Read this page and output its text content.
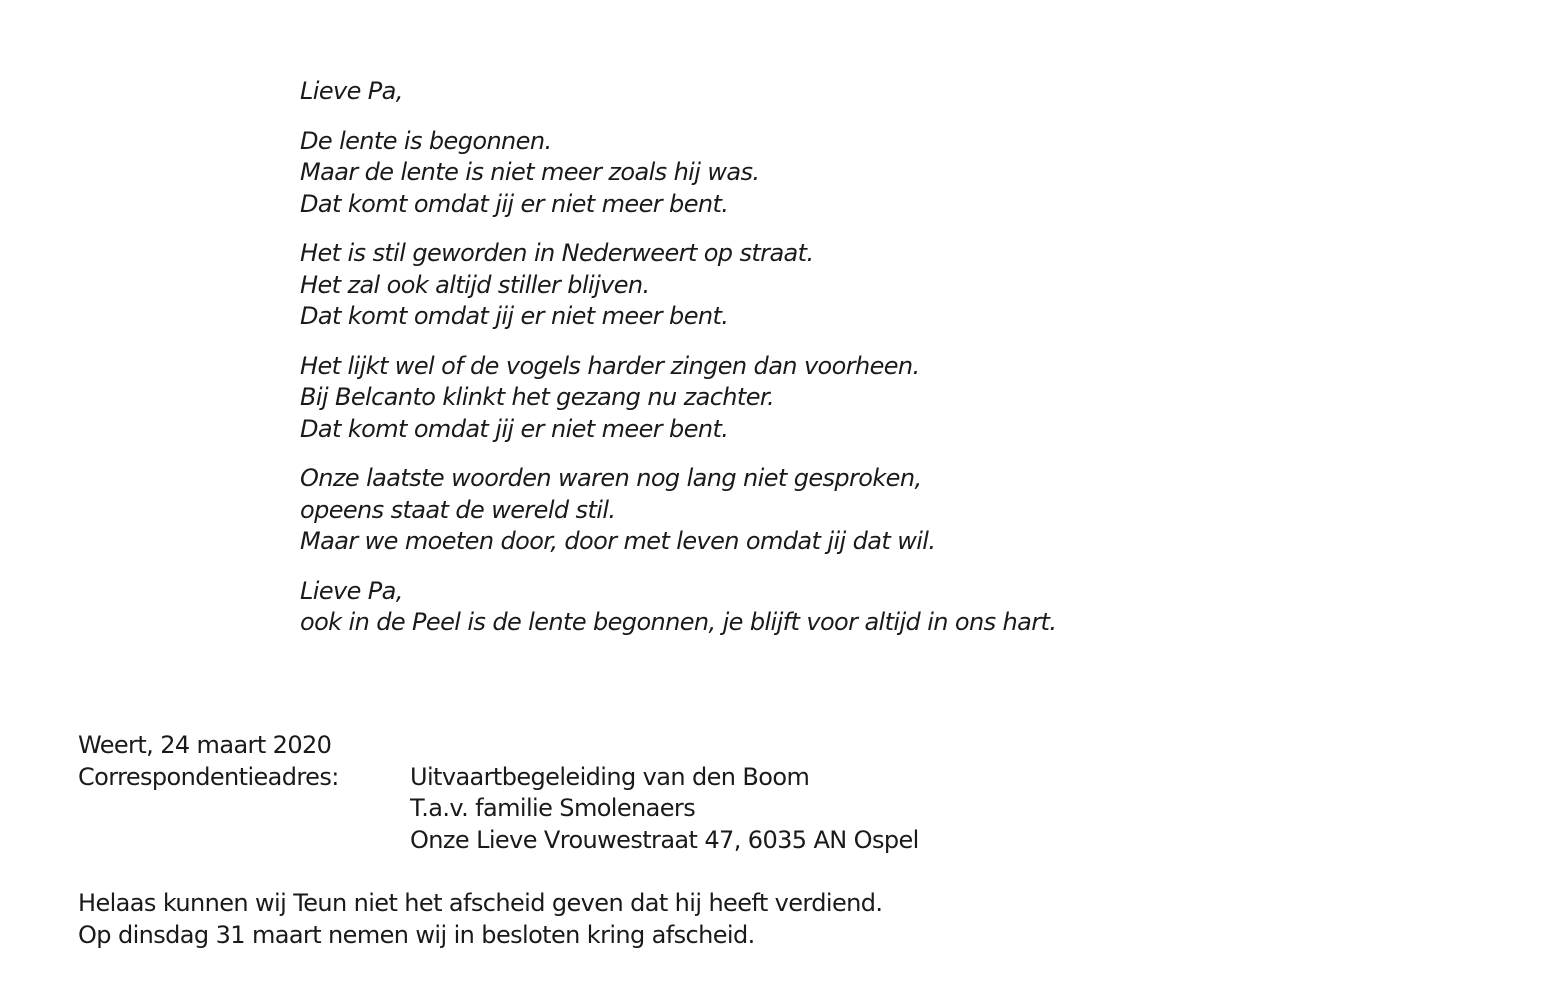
Lieve Pa,
De lente is begonnen.
Maar de lente is niet meer zoals hij was.
Dat komt omdat jij er niet meer bent.
Het is stil geworden in Nederweert op straat.
Het zal ook altijd stiller blijven.
Dat komt omdat jij er niet meer bent.
Het lijkt wel of de vogels harder zingen dan voorheen.
Bij Belcanto klinkt het gezang nu zachter.
Dat komt omdat jij er niet meer bent.
Onze laatste woorden waren nog lang niet gesproken,
opeens staat de wereld stil.
Maar we moeten door, door met leven omdat jij dat wil.
Lieve Pa,
ook in de Peel is de lente begonnen, je blijft voor altijd in ons hart.
Weert, 24 maart 2020
Correspondentieadres:	Uitvaartbegeleiding van den Boom
T.a.v. familie Smolenaers
Onze Lieve Vrouwestraat 47, 6035 AN Ospel
Helaas kunnen wij Teun niet het afscheid geven dat hij heeft verdiend.
Op dinsdag 31 maart nemen wij in besloten kring afscheid.
